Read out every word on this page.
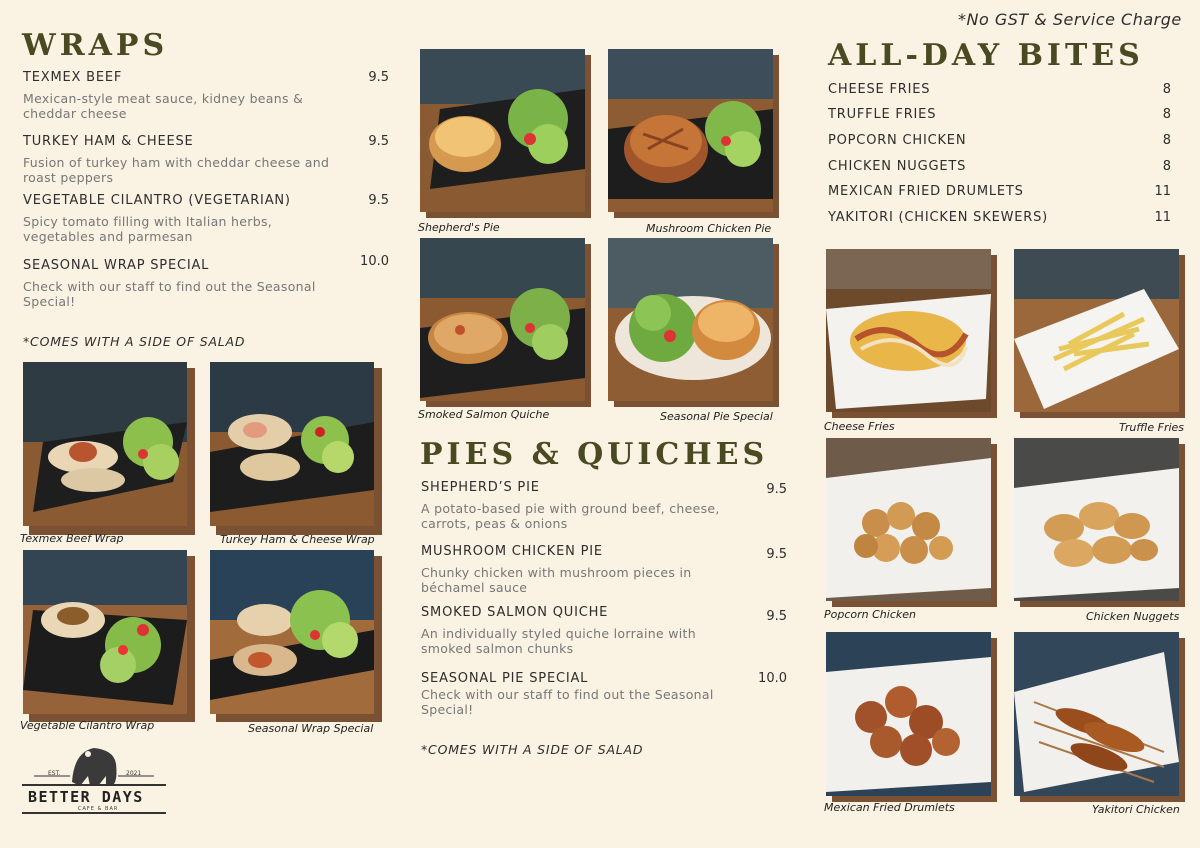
*No GST & Service Charge
WRAPS
TEXMEX BEEF	9.5
Mexican-style meat sauce, kidney beans & cheddar cheese
TURKEY HAM & CHEESE	9.5
Fusion of turkey ham with cheddar cheese and roast peppers
VEGETABLE CILANTRO (VEGETARIAN)	9.5
Spicy tomato filling with Italian herbs, vegetables and parmesan
SEASONAL WRAP SPECIAL	10.0
Check with our staff to find out the Seasonal Special!
*COMES WITH A SIDE OF SALAD
Texmex Beef Wrap	Turkey Ham & Cheese Wrap
Vegetable Cilantro Wrap	Seasonal Wrap Special
EST.	2021
BETTER DAYS
CAFE & BAR
Shepherd's Pie	Mushroom Chicken Pie
Smoked Salmon Quiche	Seasonal Pie Special
PIES & QUICHES
SHEPHERD’S PIE	9.5
A potato-based pie with ground beef, cheese, carrots, peas & onions
MUSHROOM CHICKEN PIE	9.5
Chunky chicken with mushroom pieces in béchamel sauce
SMOKED SALMON QUICHE	9.5
An individually styled quiche lorraine with smoked salmon chunks
SEASONAL PIE SPECIAL	10.0
Check with our staff to find out the Seasonal Special!
*COMES WITH A SIDE OF SALAD
ALL-DAY BITES
CHEESE FRIES	8
TRUFFLE FRIES	8
POPCORN CHICKEN	8
CHICKEN NUGGETS	8
MEXICAN FRIED DRUMLETS	11
YAKITORI (CHICKEN SKEWERS)	11
Cheese Fries	Truffle Fries
Popcorn Chicken	Chicken Nuggets
Mexican Fried Drumlets	Yakitori Chicken
